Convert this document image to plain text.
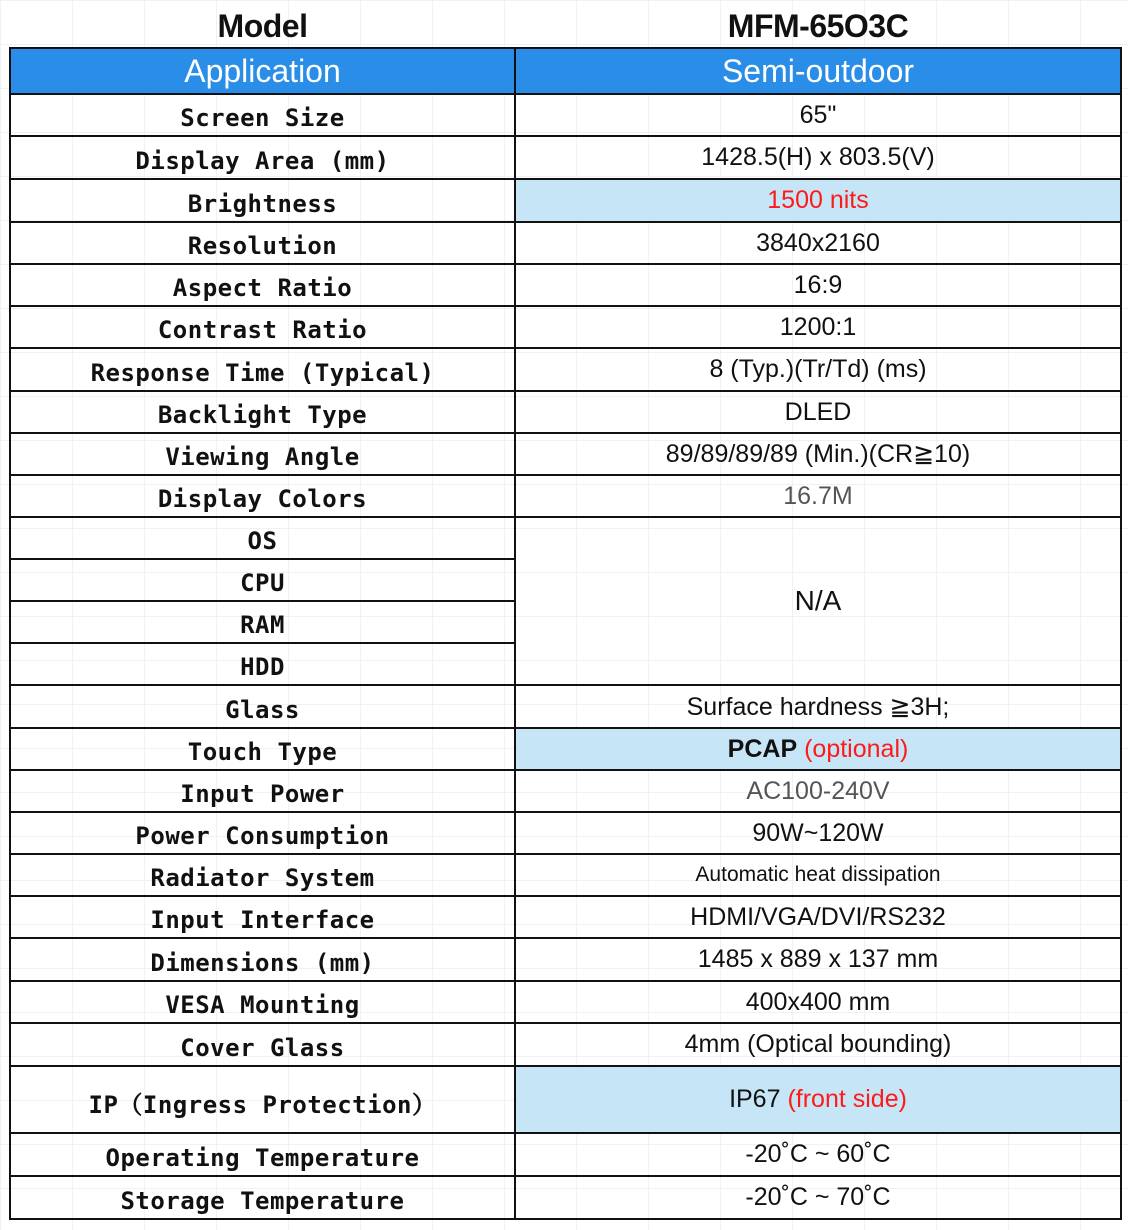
Model	MFM-65O3C
Application	Semi-outdoor
Screen Size	65"
Display Area (mm)	1428.5(H) x 803.5(V)
Brightness	1500 nits
Resolution	3840x2160
Aspect Ratio	16:9
Contrast Ratio	1200:1
Response Time (Typical)	8 (Typ.)(Tr/Td) (ms)
Backlight Type	DLED
Viewing Angle	89/89/89/89 (Min.)(CR≧10)
Display Colors	16.7M
OS	N/A
CPU	
RAM	
HDD	
Glass	Surface hardness ≧3H;
Touch Type	PCAP (optional)
Input Power	AC100-240V
Power Consumption	90W~120W
Radiator System	Automatic heat dissipation
Input Interface	HDMI/VGA/DVI/RS232
Dimensions (mm)	1485 x 889 x 137 mm
VESA Mounting	400x400 mm
Cover Glass	4mm (Optical bounding)
IP（Ingress Protection）	IP67 (front side)
Operating Temperature	-20˚C ~ 60˚C
Storage Temperature	-20˚C ~ 70˚C
